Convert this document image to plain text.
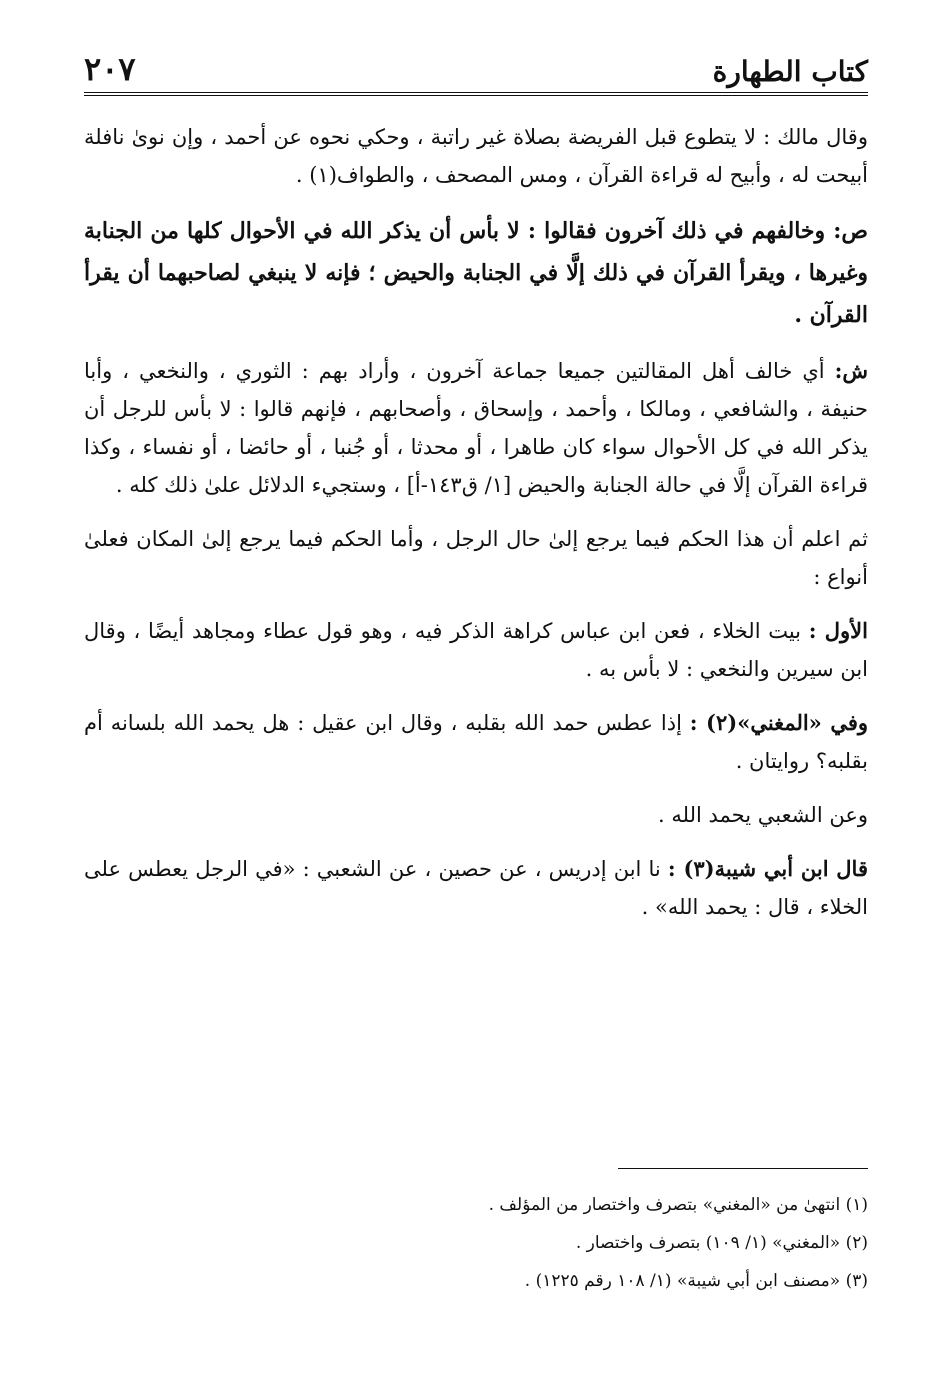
كتاب الطهارة
٢٠٧

وقال مالك : لا يتطوع قبل الفريضة بصلاة غير راتبة ، وحكي نحوه عن أحمد ، وإن نوىٰ نافلة أبيحت له ، وأبيح له قراءة القرآن ، ومس المصحف ، والطواف(١) .

ص: وخالفهم في ذلك آخرون فقالوا : لا بأس أن يذكر الله في الأحوال كلها من الجنابة وغيرها ، ويقرأ القرآن في ذلك إلَّا في الجنابة والحيض ؛ فإنه لا ينبغي لصاحبهما أن يقرأ القرآن .

ش: أي خالف أهل المقالتين جميعا جماعة آخرون ، وأراد بهم : الثوري ، والنخعي ، وأبا حنيفة ، والشافعي ، ومالكا ، وأحمد ، وإسحاق ، وأصحابهم ، فإنهم قالوا : لا بأس للرجل أن يذكر الله في كل الأحوال سواء كان طاهرا ، أو محدثا ، أو جُنبا ، أو حائضا ، أو نفساء ، وكذا قراءة القرآن إلَّا في حالة الجنابة والحيض [١/ ق١٤٣-أ] ، وستجيء الدلائل علىٰ ذلك كله .

ثم اعلم أن هذا الحكم فيما يرجع إلىٰ حال الرجل ، وأما الحكم فيما يرجع إلىٰ المكان فعلىٰ أنواع :

الأول : بيت الخلاء ، فعن ابن عباس كراهة الذكر فيه ، وهو قول عطاء ومجاهد أيضًا ، وقال ابن سيرين والنخعي : لا بأس به .

وفي «المغني»(٢) : إذا عطس حمد الله بقلبه ، وقال ابن عقيل : هل يحمد الله بلسانه أم بقلبه؟ روايتان .

وعن الشعبي يحمد الله .

قال ابن أبي شيبة(٣) : نا ابن إدريس ، عن حصين ، عن الشعبي : «في الرجل يعطس على الخلاء ، قال : يحمد الله» .

(١) انتهىٰ من «المغني» بتصرف واختصار من المؤلف .
(٢) «المغني» (١/ ١٠٩) بتصرف واختصار .
(٣) «مصنف ابن أبي شيبة» (١/ ١٠٨ رقم ١٢٢٥) .
